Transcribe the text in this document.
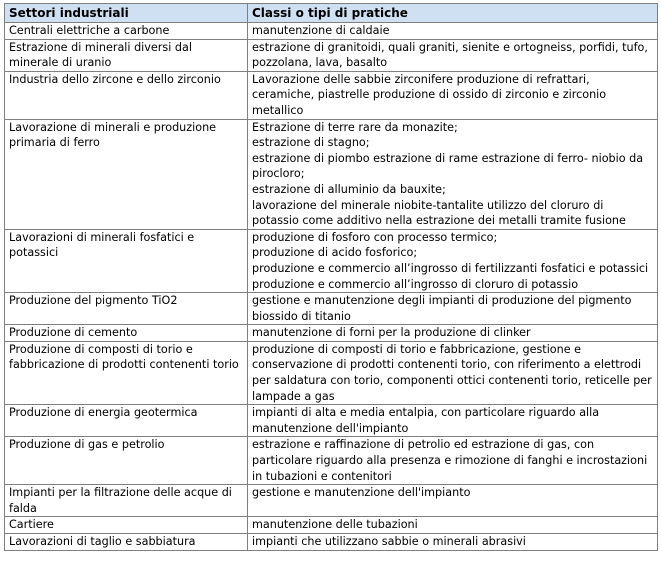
Settori industriali	Classi o tipi di pratiche
Centrali elettriche a carbone	manutenzione di caldaie

Estrazione di minerali diversi dal minerale di uranio	estrazione di granitoidi, quali graniti, sienite e ortogneiss, porfidi, tufo, pozzolana, lava, basalto

Industria dello zircone e dello zirconio	Lavorazione delle sabbie zirconifere produzione di refrattari, ceramiche, piastrelle produzione di ossido di zirconio e zirconio metallico

Lavorazione di minerali e produzione primaria di ferro	Estrazione di terre rare da monazite;
estrazione di stagno;
estrazione di piombo estrazione di rame estrazione di ferro- niobio da pirocloro;
estrazione di alluminio da bauxite;
lavorazione del minerale niobite-tantalite utilizzo del cloruro di potassio come additivo nella estrazione dei metalli tramite fusione

Lavorazioni di minerali fosfatici e potassici	produzione di fosforo con processo termico;
produzione di acido fosforico;
produzione e commercio all’ingrosso di fertilizzanti fosfatici e potassici produzione e commercio all’ingrosso di cloruro di potassio

Produzione del pigmento TiO2	gestione e manutenzione degli impianti di produzione del pigmento biossido di titanio

Produzione di cemento	manutenzione di forni per la produzione di clinker

Produzione di composti di torio e fabbricazione di prodotti contenenti torio	produzione di composti di torio e fabbricazione, gestione e conservazione di prodotti contenenti torio, con riferimento a elettrodi per saldatura con torio, componenti ottici contenenti torio, reticelle per lampade a gas

Produzione di energia geotermica	impianti di alta e media entalpia, con particolare riguardo alla manutenzione dell'impianto

Produzione di gas e petrolio	estrazione e raffinazione di petrolio ed estrazione di gas, con particolare riguardo alla presenza e rimozione di fanghi e incrostazioni in tubazioni e contenitori

Impianti per la filtrazione delle acque di falda	gestione e manutenzione dell'impianto

Cartiere	manutenzione delle tubazioni

Lavorazioni di taglio e sabbiatura	impianti che utilizzano sabbie o minerali abrasivi
